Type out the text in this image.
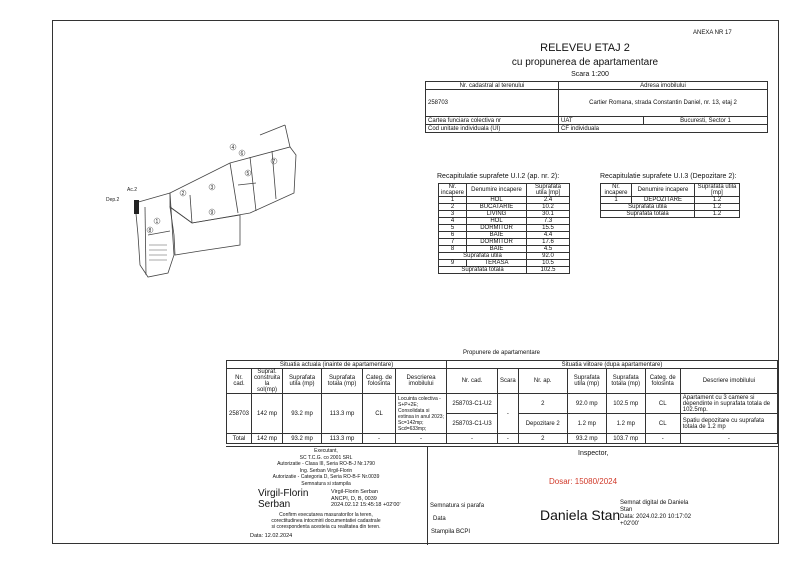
ANEXA NR 17
Dep.2
Ac.2
1
2
3
4
5
6
7
8
9
RELEVEU ETAJ 2
cu propunerea de apartamentare
Scara 1:200
Nr. cadastral al terenului	Adresa imobilului	
258703	Cartier Romana, strada Constantin Daniel, nr. 13, etaj 2	
Cartea funciara colectiva nr	UAT	Bucuresti, Sector 1
Cod unitate individuala (UI)	CF individuala	
Recapitulatie suprafete U.I.2 (ap. nr. 2):
Nr. incapere	Denumire incapere	Suprafata utila [mp]
1	HOL	2.4
2	BUCATARIE	10.2
3	LIVING	30.1
4	HOL	7.3
5	DORMITOR	15.5
6	BAIE	4.4
7	DORMITOR	17.6
8	BAIE	4.5
Suprafata utila		92.0
9	TERASA	10.5
Suprafata totala		102.5
Recapitulatie suprafete U.I.3 (Depozitare 2):
Nr. incapere	Denumire incapere	Suprafata utila [mp]
1	DEPOZITARE	1.2
Suprafata utila		1.2
Suprafata totala		1.2
Propunere de apartamentare
Situatia actuala (inainte de apartamentare)						Situatia viitoare (dupa apartamentare)						
Nr. cad.	Supraf. construita la sol(mp)	Suprafata utila (mp)	Suprafata totala (mp)	Categ. de folosinta	Descrierea imobilului	Nr. cad.	Scara	Nr. ap.	Suprafata utila (mp)	Suprafata totala (mp)	Categ. de folosinta	Descriere imobilului
258703	142 mp	93.2 mp	113.3 mp	CL	Locuinta colectiva - S+P+2E; Consolidata si extinsa in anul 2023; Sc=142mp; Scd=633mp;	258703-C1-U2	-	2	92.0 mp	102.5 mp	CL	Apartament cu 3 camere si dependinte in suprafata totala de 102.5mp.
						258703-C1-U3		Depozitare 2	1.2 mp	1.2 mp	CL	Spatiu depozitare cu suprafata totala de 1.2 mp
Total	142 mp	93.2 mp	113.3 mp	-	-	-	-	2	93.2 mp	103.7 mp	-	-
Executant,
SC T.C.G. co 2001 SRL
Autorizatie - Clasa III, Seria RO-B-J Nr.1790
Ing. Serban Virgil-Florin
Autorizatie - Categoria D, Seria RO-B-F Nr.0039
Semnatura si stampila
Virgil-Florin
Serban
Virgil-Florin Serban
ANCPI, D, B, 0039
2024.02.12 15:45:18 +02'00'
Confirm executarea masuratorilor la teren,
corectitudinea intocmirii documentatiei cadastrale
si corespondenta acesteia cu realitatea din teren.
Data: 12.02.2024
Inspector,
Dosar: 15080/2024
Semnatura si parafa
Data
Stampila BCPI
Daniela Stan
Semnat digital de Daniela
Stan
Data: 2024.02.20 10:17:02
+02'00'
